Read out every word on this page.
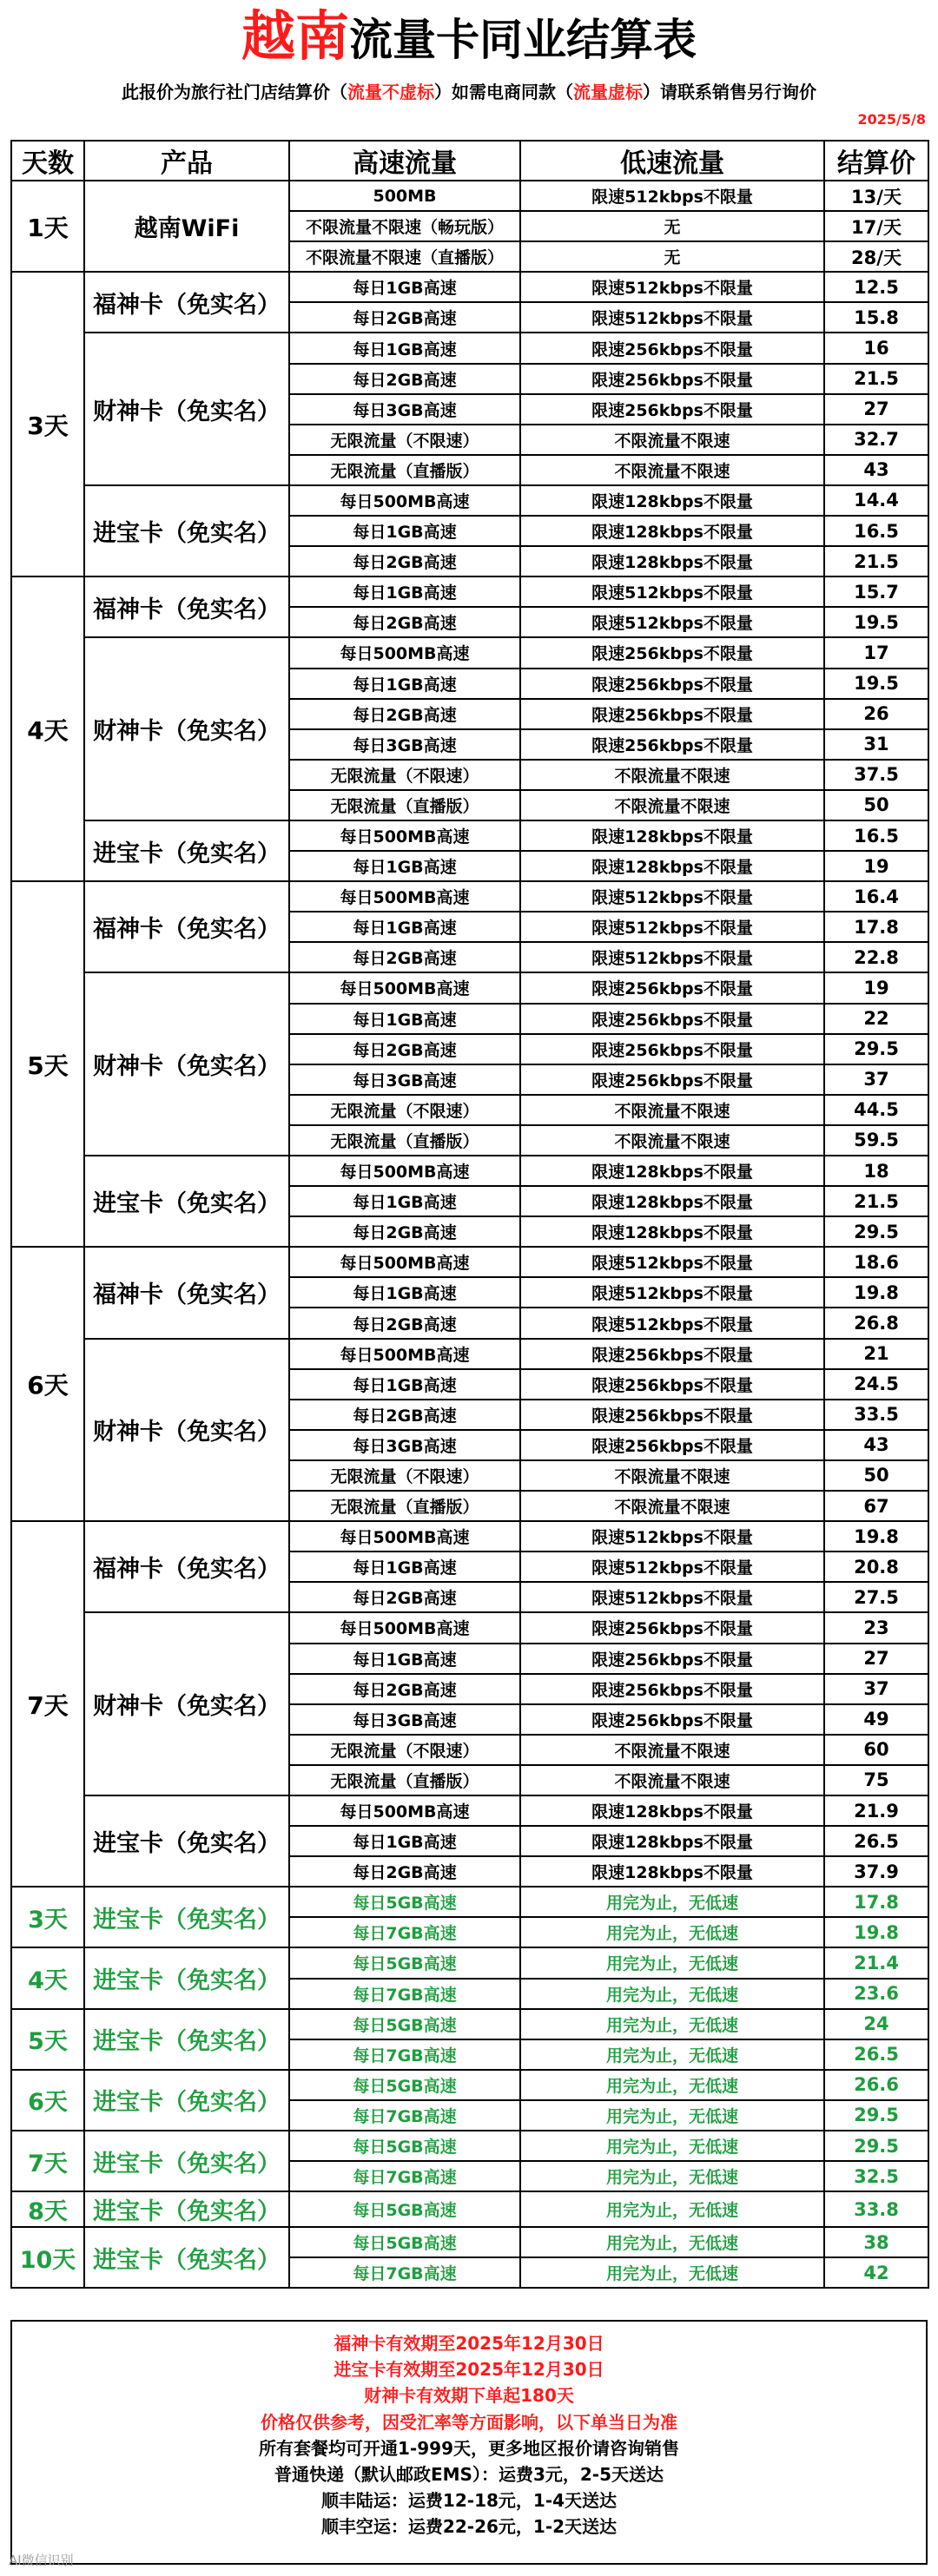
越南流量卡同业结算表
此报价为旅行社门店结算价（流量不虚标）如需电商同款（流量虚标）请联系销售另行询价
2025/5/8
天数	产品	高速流量	低速流量	结算价
1天	越南WiFi	500MB	限速512kbps不限量	13/天
		不限流量不限速（畅玩版）	无	17/天
		不限流量不限速（直播版）	无	28/天
3天	福神卡（免实名）	每日1GB高速	限速512kbps不限量	12.5
		每日2GB高速	限速512kbps不限量	15.8
	财神卡（免实名）	每日1GB高速	限速256kbps不限量	16
		每日2GB高速	限速256kbps不限量	21.5
		每日3GB高速	限速256kbps不限量	27
		无限流量（不限速）	不限流量不限速	32.7
		无限流量（直播版）	不限流量不限速	43
	进宝卡（免实名）	每日500MB高速	限速128kbps不限量	14.4
		每日1GB高速	限速128kbps不限量	16.5
		每日2GB高速	限速128kbps不限量	21.5
4天	福神卡（免实名）	每日1GB高速	限速512kbps不限量	15.7
		每日2GB高速	限速512kbps不限量	19.5
	财神卡（免实名）	每日500MB高速	限速256kbps不限量	17
		每日1GB高速	限速256kbps不限量	19.5
		每日2GB高速	限速256kbps不限量	26
		每日3GB高速	限速256kbps不限量	31
		无限流量（不限速）	不限流量不限速	37.5
		无限流量（直播版）	不限流量不限速	50
	进宝卡（免实名）	每日500MB高速	限速128kbps不限量	16.5
		每日1GB高速	限速128kbps不限量	19
5天	福神卡（免实名）	每日500MB高速	限速512kbps不限量	16.4
		每日1GB高速	限速512kbps不限量	17.8
		每日2GB高速	限速512kbps不限量	22.8
	财神卡（免实名）	每日500MB高速	限速256kbps不限量	19
		每日1GB高速	限速256kbps不限量	22
		每日2GB高速	限速256kbps不限量	29.5
		每日3GB高速	限速256kbps不限量	37
		无限流量（不限速）	不限流量不限速	44.5
		无限流量（直播版）	不限流量不限速	59.5
	进宝卡（免实名）	每日500MB高速	限速128kbps不限量	18
		每日1GB高速	限速128kbps不限量	21.5
		每日2GB高速	限速128kbps不限量	29.5
6天	福神卡（免实名）	每日500MB高速	限速512kbps不限量	18.6
		每日1GB高速	限速512kbps不限量	19.8
		每日2GB高速	限速512kbps不限量	26.8
	财神卡（免实名）	每日500MB高速	限速256kbps不限量	21
		每日1GB高速	限速256kbps不限量	24.5
		每日2GB高速	限速256kbps不限量	33.5
		每日3GB高速	限速256kbps不限量	43
		无限流量（不限速）	不限流量不限速	50
		无限流量（直播版）	不限流量不限速	67
7天	福神卡（免实名）	每日500MB高速	限速512kbps不限量	19.8
		每日1GB高速	限速512kbps不限量	20.8
		每日2GB高速	限速512kbps不限量	27.5
	财神卡（免实名）	每日500MB高速	限速256kbps不限量	23
		每日1GB高速	限速256kbps不限量	27
		每日2GB高速	限速256kbps不限量	37
		每日3GB高速	限速256kbps不限量	49
		无限流量（不限速）	不限流量不限速	60
		无限流量（直播版）	不限流量不限速	75
	进宝卡（免实名）	每日500MB高速	限速128kbps不限量	21.9
		每日1GB高速	限速128kbps不限量	26.5
		每日2GB高速	限速128kbps不限量	37.9
3天	进宝卡（免实名）	每日5GB高速	用完为止，无低速	17.8
		每日7GB高速	用完为止，无低速	19.8
4天	进宝卡（免实名）	每日5GB高速	用完为止，无低速	21.4
		每日7GB高速	用完为止，无低速	23.6
5天	进宝卡（免实名）	每日5GB高速	用完为止，无低速	24
		每日7GB高速	用完为止，无低速	26.5
6天	进宝卡（免实名）	每日5GB高速	用完为止，无低速	26.6
		每日7GB高速	用完为止，无低速	29.5
7天	进宝卡（免实名）	每日5GB高速	用完为止，无低速	29.5
		每日7GB高速	用完为止，无低速	32.5
8天	进宝卡（免实名）	每日5GB高速	用完为止，无低速	33.8
10天	进宝卡（免实名）	每日5GB高速	用完为止，无低速	38
		每日7GB高速	用完为止，无低速	42
福神卡有效期至2025年12月30日
进宝卡有效期至2025年12月30日
财神卡有效期下单起180天
价格仅供参考，因受汇率等方面影响，以下单当日为准
所有套餐均可开通1-999天，更多地区报价请咨询销售
普通快递（默认邮政EMS）：运费3元，2-5天送达
顺丰陆运：运费12-18元，1-4天送达
顺丰空运：运费22-26元，1-2天送达
AI微信识别
